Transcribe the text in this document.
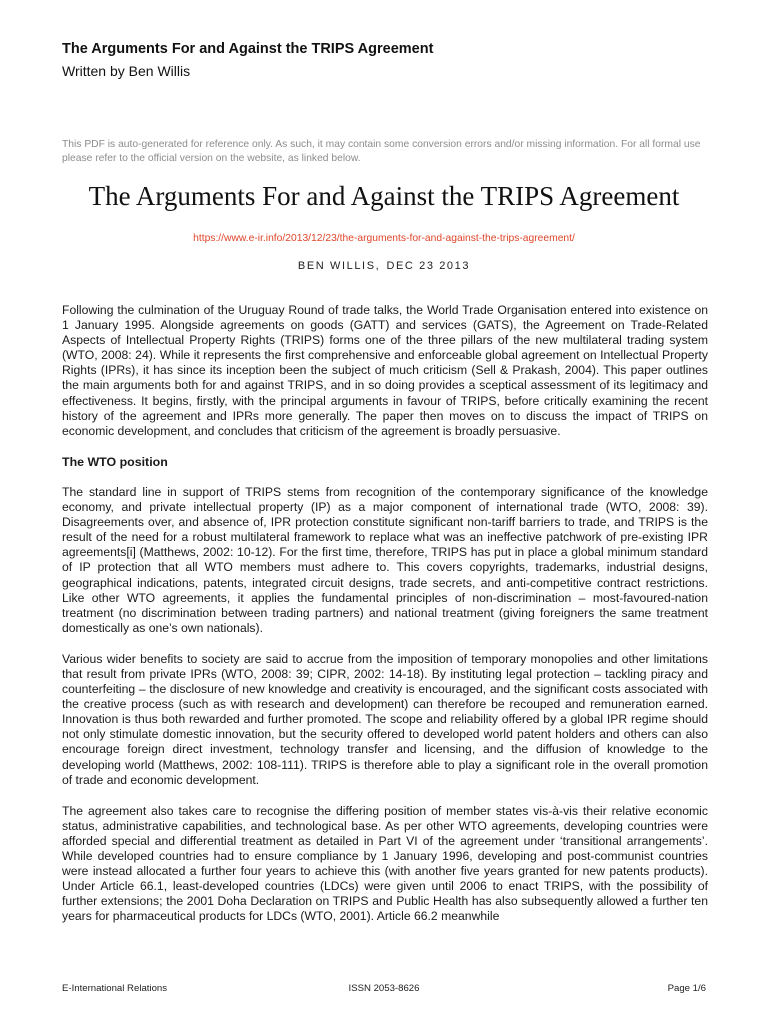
The Arguments For and Against the TRIPS Agreement
Written by Ben Willis
This PDF is auto-generated for reference only. As such, it may contain some conversion errors and/or missing information. For all formal use please refer to the official version on the website, as linked below.
The Arguments For and Against the TRIPS Agreement
https://www.e-ir.info/2013/12/23/the-arguments-for-and-against-the-trips-agreement/
BEN WILLIS, DEC 23 2013

Following the culmination of the Uruguay Round of trade talks, the World Trade Organisation entered into existence on 1 January 1995. Alongside agreements on goods (GATT) and services (GATS), the Agreement on Trade-Related Aspects of Intellectual Property Rights (TRIPS) forms one of the three pillars of the new multilateral trading system (WTO, 2008: 24). While it represents the first comprehensive and enforceable global agreement on Intellectual Property Rights (IPRs), it has since its inception been the subject of much criticism (Sell & Prakash, 2004). This paper outlines the main arguments both for and against TRIPS, and in so doing provides a sceptical assessment of its legitimacy and effectiveness. It begins, firstly, with the principal arguments in favour of TRIPS, before critically examining the recent history of the agreement and IPRs more generally. The paper then moves on to discuss the impact of TRIPS on economic development, and concludes that criticism of the agreement is broadly persuasive.

The WTO position

The standard line in support of TRIPS stems from recognition of the contemporary significance of the knowledge economy, and private intellectual property (IP) as a major component of international trade (WTO, 2008: 39). Disagreements over, and absence of, IPR protection constitute significant non-tariff barriers to trade, and TRIPS is the result of the need for a robust multilateral framework to replace what was an ineffective patchwork of pre-existing IPR agreements[i] (Matthews, 2002: 10-12). For the first time, therefore, TRIPS has put in place a global minimum standard of IP protection that all WTO members must adhere to. This covers copyrights, trademarks, industrial designs, geographical indications, patents, integrated circuit designs, trade secrets, and anti-competitive contract restrictions. Like other WTO agreements, it applies the fundamental principles of non-discrimination – most-favoured-nation treatment (no discrimination between trading partners) and national treatment (giving foreigners the same treatment domestically as one’s own nationals).

Various wider benefits to society are said to accrue from the imposition of temporary monopolies and other limitations that result from private IPRs (WTO, 2008: 39; CIPR, 2002: 14-18). By instituting legal protection – tackling piracy and counterfeiting – the disclosure of new knowledge and creativity is encouraged, and the significant costs associated with the creative process (such as with research and development) can therefore be recouped and remuneration earned. Innovation is thus both rewarded and further promoted. The scope and reliability offered by a global IPR regime should not only stimulate domestic innovation, but the security offered to developed world patent holders and others can also encourage foreign direct investment, technology transfer and licensing, and the diffusion of knowledge to the developing world (Matthews, 2002: 108-111). TRIPS is therefore able to play a significant role in the overall promotion of trade and economic development.

The agreement also takes care to recognise the differing position of member states vis-à-vis their relative economic status, administrative capabilities, and technological base. As per other WTO agreements, developing countries were afforded special and differential treatment as detailed in Part VI of the agreement under ‘transitional arrangements’. While developed countries had to ensure compliance by 1 January 1996, developing and post-communist countries were instead allocated a further four years to achieve this (with another five years granted for new patents products). Under Article 66.1, least-developed countries (LDCs) were given until 2006 to enact TRIPS, with the possibility of further extensions; the 2001 Doha Declaration on TRIPS and Public Health has also subsequently allowed a further ten years for pharmaceutical products for LDCs (WTO, 2001). Article 66.2 meanwhile

E-International Relations	ISSN 2053-8626	Page 1/6
